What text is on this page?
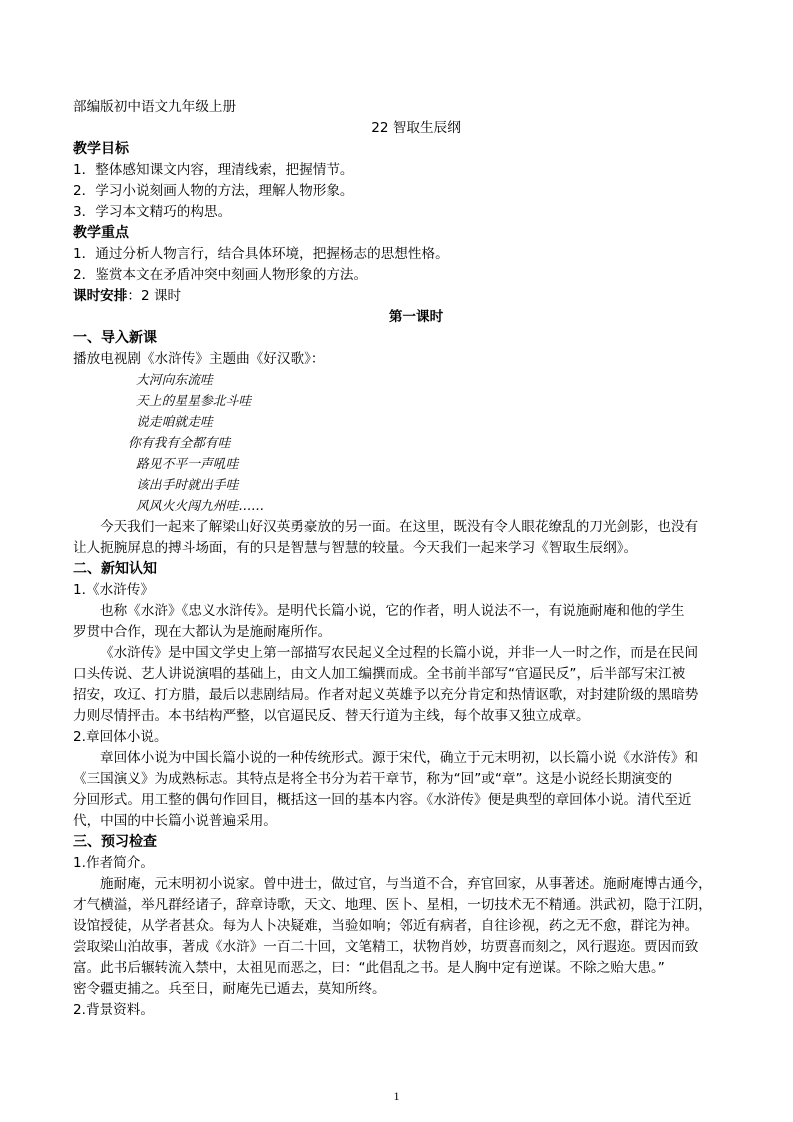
部编版初中语文九年级上册
22 智取生辰纲
教学目标
1．整体感知课文内容，理清线索，把握情节。
2．学习小说刻画人物的方法，理解人物形象。
3．学习本文精巧的构思。
教学重点
1．通过分析人物言行，结合具体环境，把握杨志的思想性格。
2．鉴赏本文在矛盾冲突中刻画人物形象的方法。
课时安排：2 课时
第一课时
一、导入新课
播放电视剧《水浒传》主题曲《好汉歌》：
大河向东流哇
天上的星星参北斗哇
说走咱就走哇
你有我有全都有哇
路见不平一声吼哇
该出手时就出手哇
风风火火闯九州哇……
今天我们一起来了解梁山好汉英勇豪放的另一面。在这里，既没有令人眼花缭乱的刀光剑影，也没有
让人扼腕屏息的搏斗场面，有的只是智慧与智慧的较量。今天我们一起来学习《智取生辰纲》。
二、新知认知
1.《水浒传》
也称《水浒》《忠义水浒传》。是明代长篇小说，它的作者，明人说法不一，有说施耐庵和他的学生
罗贯中合作，现在大都认为是施耐庵所作。
《水浒传》是中国文学史上第一部描写农民起义全过程的长篇小说，并非一人一时之作，而是在民间
口头传说、艺人讲说演唱的基础上，由文人加工编撰而成。全书前半部写“官逼民反”，后半部写宋江被
招安，攻辽、打方腊，最后以悲剧结局。作者对起义英雄予以充分肯定和热情讴歌，对封建阶级的黑暗势
力则尽情抨击。本书结构严整，以官逼民反、替天行道为主线，每个故事又独立成章。
2.章回体小说。
章回体小说为中国长篇小说的一种传统形式。源于宋代，确立于元末明初，以长篇小说《水浒传》和
《三国演义》为成熟标志。其特点是将全书分为若干章节，称为“回”或“章”。这是小说经长期演变的
分回形式。用工整的偶句作回目，概括这一回的基本内容。《水浒传》便是典型的章回体小说。清代至近
代，中国的中长篇小说普遍采用。
三、预习检查
1.作者简介。
施耐庵，元末明初小说家。曾中进士，做过官，与当道不合，弃官回家，从事著述。施耐庵博古通今，
才气横溢，举凡群经诸子，辞章诗歌，天文、地理、医卜、星相，一切技术无不精通。洪武初，隐于江阴，
设馆授徒，从学者甚众。每为人卜决疑难，当验如响；邻近有病者，自往诊视，药之无不愈，群诧为神。
尝取梁山泊故事，著成《水浒》一百二十回，文笔精工，状物肖妙，坊贾喜而刻之，风行遐迩。贾因而致
富。此书后辗转流入禁中，太祖见而恶之，曰：“此倡乱之书。是人胸中定有逆谋。不除之贻大患。”
密令疆吏捕之。兵至日，耐庵先已遁去，莫知所终。
2.背景资料。
1
